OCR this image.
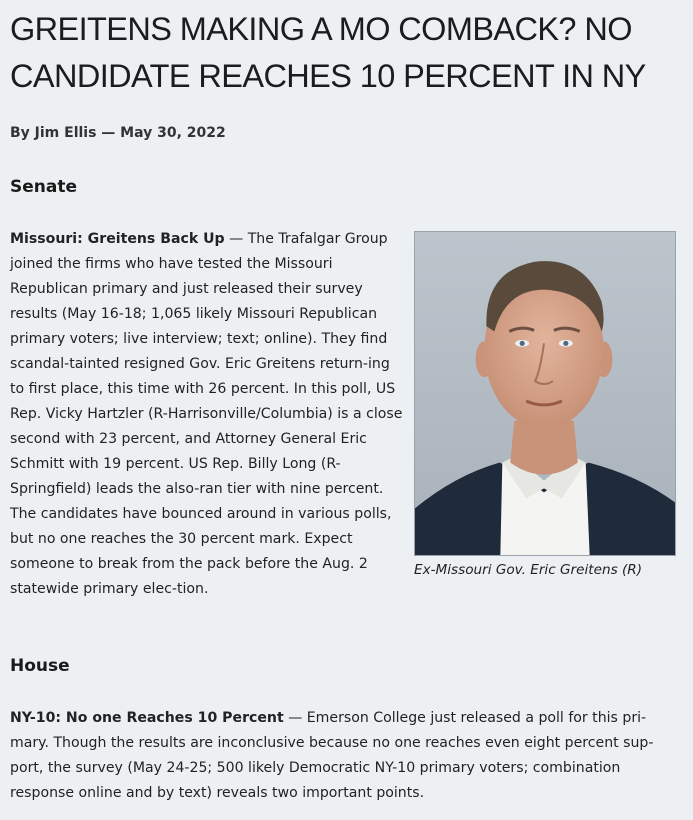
GREITENS MAKING A MO COMBACK? NO CANDIDATE REACHES 10 PERCENT IN NY
By Jim Ellis — May 30, 2022
Senate

Missouri: Greitens Back Up — The Trafalgar Group joined the firms who have tested the Missouri Republican primary and just released their survey results (May 16-18; 1,065 likely Missouri Republican primary voters; live interview; text; online). They find scandal-tainted resigned Gov. Eric Greitens return-ing to first place, this time with 26 percent. In this poll, US Rep. Vicky Hartzler (R-Harrisonville/Columbia) is a close second with 23 percent, and Attorney General Eric Schmitt with 19 percent. US Rep. Billy Long (R-Springfield) leads the also-ran tier with nine percent. The candidates have bounced around in various polls, but no one reaches the 30 percent mark. Expect someone to break from the pack before the Aug. 2 statewide primary elec-tion.

Ex-Missouri Gov. Eric Greitens (R)
House

NY-10: No one Reaches 10 Percent — Emerson College just released a poll for this pri-mary. Though the results are inconclusive because no one reaches even eight percent sup-port, the survey (May 24-25; 500 likely Democratic NY-10 primary voters; combination response online and by text) reveals two important points.
